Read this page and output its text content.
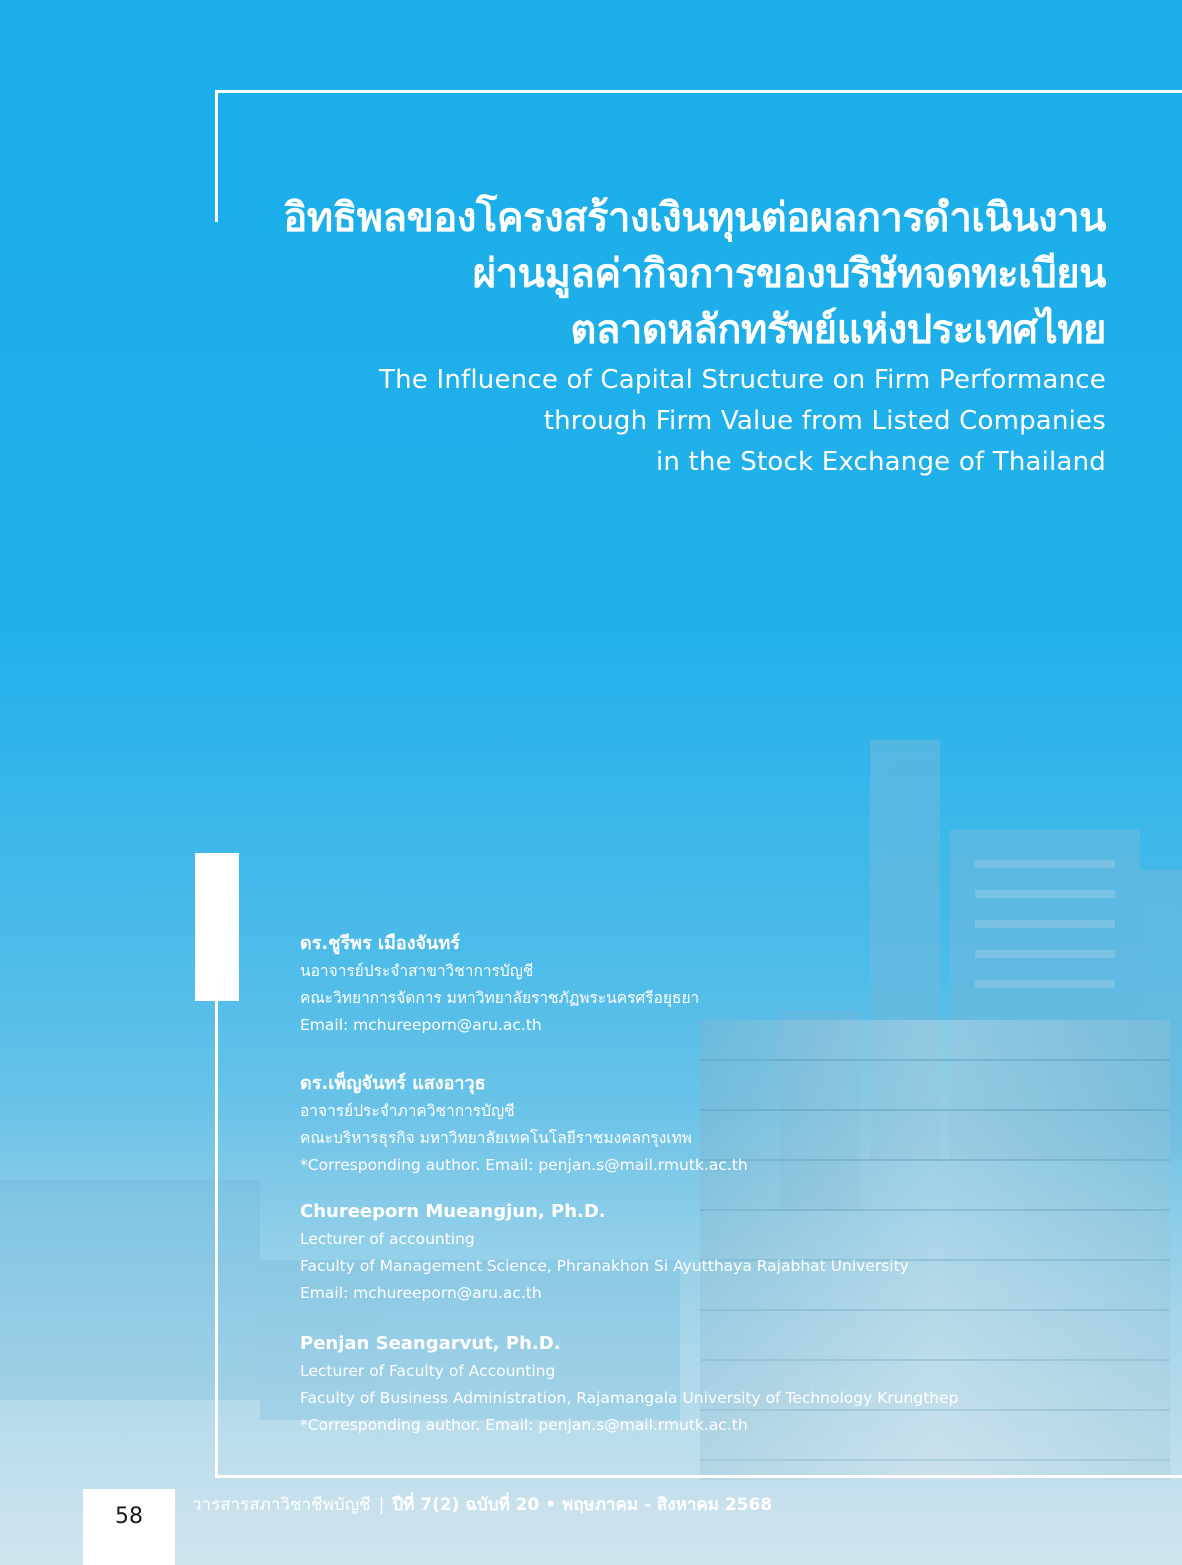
อิทธิพลของโครงสร้างเงินทุนต่อผลการดำเนินงาน
ผ่านมูลค่ากิจการของบริษัทจดทะเบียน
ตลาดหลักทรัพย์แห่งประเทศไทย
The Influence of Capital Structure on Firm Performance
through Firm Value from Listed Companies
in the Stock Exchange of Thailand
ดร.ชูรีพร เมืองจันทร์
นอาจารย์ประจำสาขาวิชาการบัญชี
คณะวิทยาการจัดการ มหาวิทยาลัยราชภัฏพระนครศรีอยุธยา
Email: mchureeporn@aru.ac.th
ดร.เพ็ญจันทร์ แสงอาวุธ
อาจารย์ประจำภาควิชาการบัญชี
คณะบริหารธุรกิจ มหาวิทยาลัยเทคโนโลยีราชมงคลกรุงเทพ
*Corresponding author. Email: penjan.s@mail.rmutk.ac.th
Chureeporn Mueangjun, Ph.D.
Lecturer of accounting
Faculty of Management Science, Phranakhon Si Ayutthaya Rajabhat University
Email: mchureeporn@aru.ac.th
Penjan Seangarvut, Ph.D.
Lecturer of Faculty of Accounting
Faculty of Business Administration, Rajamangala University of Technology Krungthep
*Corresponding author. Email: penjan.s@mail.rmutk.ac.th
58	วารสารสภาวิชาชีพบัญชี | ปีที่ 7(2) ฉบับที่ 20 • พฤษภาคม - สิงหาคม 2568
